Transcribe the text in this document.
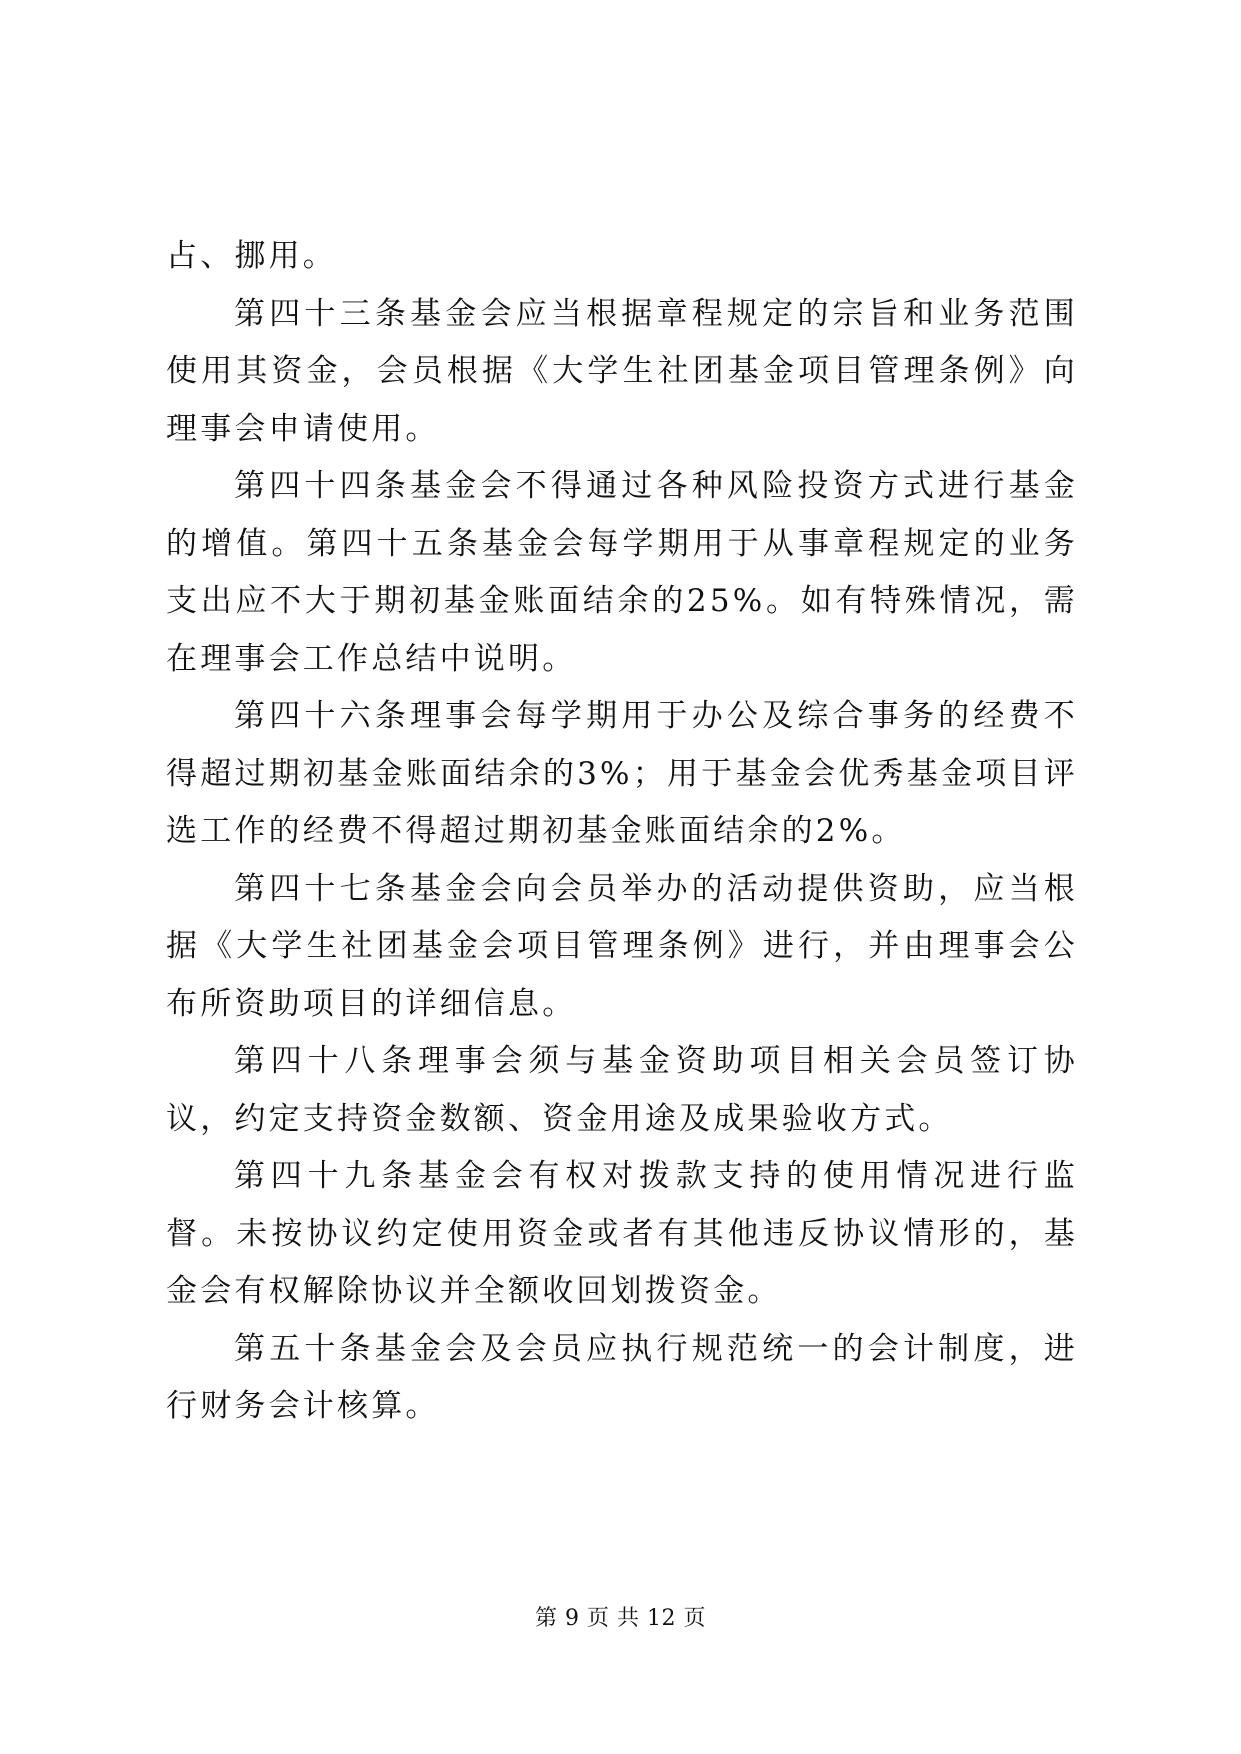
占、挪用。

第四十三条基金会应当根据章程规定的宗旨和业务范围使用其资金，会员根据《大学生社团基金项目管理条例》向理事会申请使用。

第四十四条基金会不得通过各种风险投资方式进行基金的增值。第四十五条基金会每学期用于从事章程规定的业务支出应不大于期初基金账面结余的25%。如有特殊情况，需在理事会工作总结中说明。

第四十六条理事会每学期用于办公及综合事务的经费不得超过期初基金账面结余的3%；用于基金会优秀基金项目评选工作的经费不得超过期初基金账面结余的2%。

第四十七条基金会向会员举办的活动提供资助，应当根据《大学生社团基金会项目管理条例》进行，并由理事会公布所资助项目的详细信息。

第四十八条理事会须与基金资助项目相关会员签订协议，约定支持资金数额、资金用途及成果验收方式。

第四十九条基金会有权对拨款支持的使用情况进行监督。未按协议约定使用资金或者有其他违反协议情形的，基金会有权解除协议并全额收回划拨资金。

第五十条基金会及会员应执行规范统一的会计制度，进行财务会计核算。

第 9 页 共 12 页
